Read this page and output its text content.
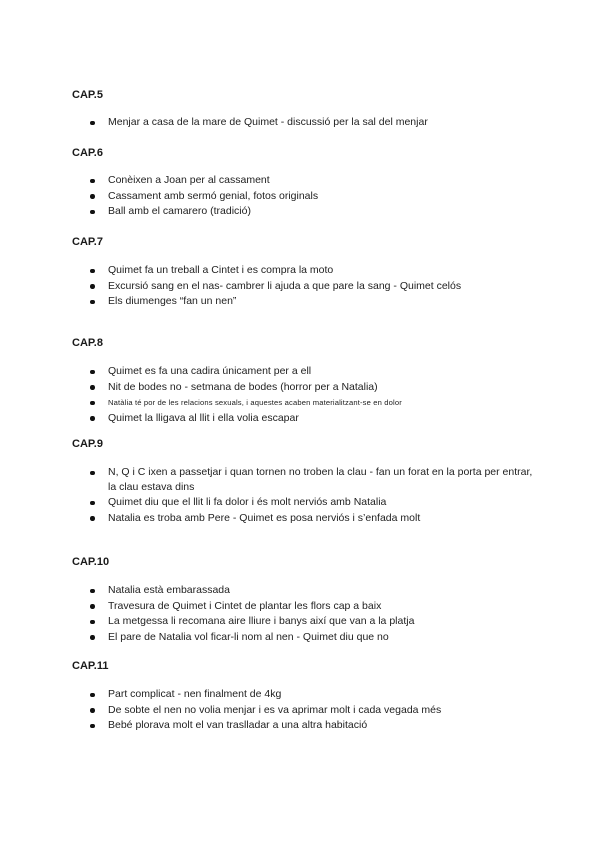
CAP.5
Menjar a casa de la mare de Quimet - discussió per la sal del menjar
CAP.6
Conèixen a Joan per al cassament
Cassament amb sermó genial, fotos originals
Ball amb el camarero (tradició)
CAP.7
Quimet fa un treball a Cintet i es compra la moto
Excursió sang en el nas- cambrer li ajuda a que pare la sang - Quimet celós
Els diumenges “fan un nen”
CAP.8
Quimet es fa una cadira únicament per a ell
Nit de bodes no - setmana de bodes (horror per a Natalia)
Natàlia té por de les relacions sexuals, i aquestes acaben materialitzant-se en dolor
Quimet la lligava al llit i ella volia escapar
CAP.9
N, Q i C ixen a passetjar i quan tornen no troben la clau - fan un forat en la porta per entrar, la clau estava dins
Quimet diu que el llit li fa dolor i és molt nerviós amb Natalia
Natalia es troba amb Pere - Quimet es posa nerviós i s’enfada molt
CAP.10
Natalia està embarassada
Travesura de Quimet i Cintet de plantar les flors cap a baix
La metgessa li recomana aire lliure i banys així que van a la platja
El pare de Natalia vol ficar-li nom al nen - Quimet diu que no
CAP.11
Part complicat - nen finalment de 4kg
De sobte el nen no volia menjar i es va aprimar molt i cada vegada més
Bebé plorava molt el van traslladar a una altra habitació
